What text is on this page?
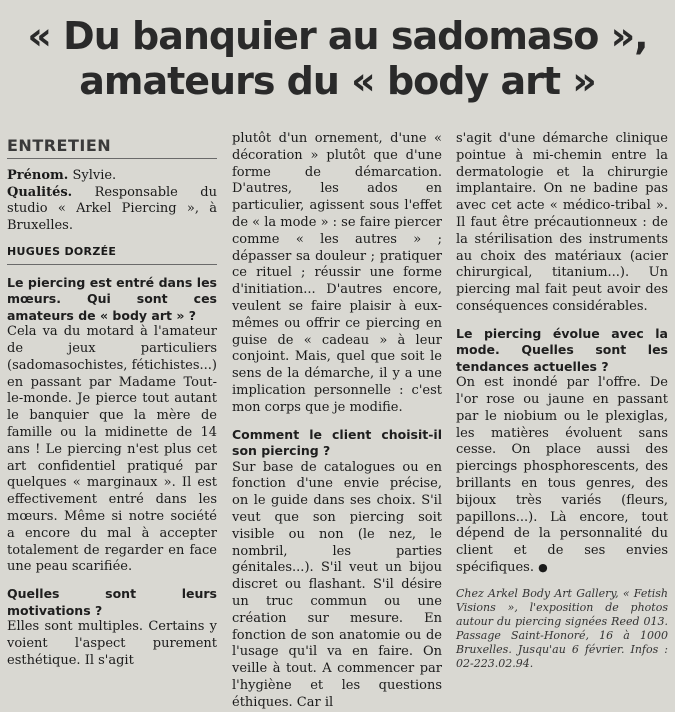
« Du banquier au sadomaso »,
amateurs du « body art »
ENTRETIEN

Prénom. Sylvie.

Qualités. Responsable du studio « Arkel Piercing », à Bruxelles.

HUGUES DORZÉE

Le piercing est entré dans les mœurs. Qui sont ces amateurs de « body art » ?

Cela va du motard à l'amateur de jeux particuliers (sadomasochistes, fétichistes...) en passant par Madame Tout-le-monde. Je pierce tout autant le banquier que la mère de famille ou la midinette de 14 ans ! Le piercing n'est plus cet art confidentiel pratiqué par quelques « marginaux ». Il est effectivement entré dans les mœurs. Même si notre société a encore du mal à accepter totalement de regarder en face une peau scarifiée.

Quelles sont leurs motivations ?

Elles sont multiples. Certains y voient l'aspect purement esthétique. Il s'agit

plutôt d'un ornement, d'une « décoration » plutôt que d'une forme de démarcation. D'autres, les ados en particulier, agissent sous l'effet de « la mode » : se faire piercer comme « les autres » ; dépasser sa douleur ; pratiquer ce rituel ; réussir une forme d'initiation... D'autres encore, veulent se faire plaisir à eux-mêmes ou offrir ce piercing en guise de « cadeau » à leur conjoint. Mais, quel que soit le sens de la démarche, il y a une implication personnelle : c'est mon corps que je modifie.

Comment le client choisit-il son piercing ?

Sur base de catalogues ou en fonction d'une envie précise, on le guide dans ses choix. S'il veut que son piercing soit visible ou non (le nez, le nombril, les parties génitales...). S'il veut un bijou discret ou flashant. S'il désire un truc commun ou une création sur mesure. En fonction de son anatomie ou de l'usage qu'il va en faire. On veille à tout. A commencer par l'hygiène et les questions éthiques. Car il

s'agit d'une démarche clinique pointue à mi-chemin entre la dermatologie et la chirurgie implantaire. On ne badine pas avec cet acte « médico-tribal ». Il faut être précautionneux : de la stérilisation des instruments au choix des matériaux (acier chirurgical, titanium...). Un piercing mal fait peut avoir des conséquences considérables.

Le piercing évolue avec la mode. Quelles sont les tendances actuelles ?

On est inondé par l'offre. De l'or rose ou jaune en passant par le niobium ou le plexiglas, les matières évoluent sans cesse. On place aussi des piercings phosphorescents, des brillants en tous genres, des bijoux très variés (fleurs, papillons...). Là encore, tout dépend de la personnalité du client et de ses envies spécifiques. ●

Chez Arkel Body Art Gallery, « Fetish Visions », l'exposition de photos autour du piercing signées Reed 013. Passage Saint-Honoré, 16 à 1000 Bruxelles. Jusqu'au 6 février. Infos : 02-223.02.94.
